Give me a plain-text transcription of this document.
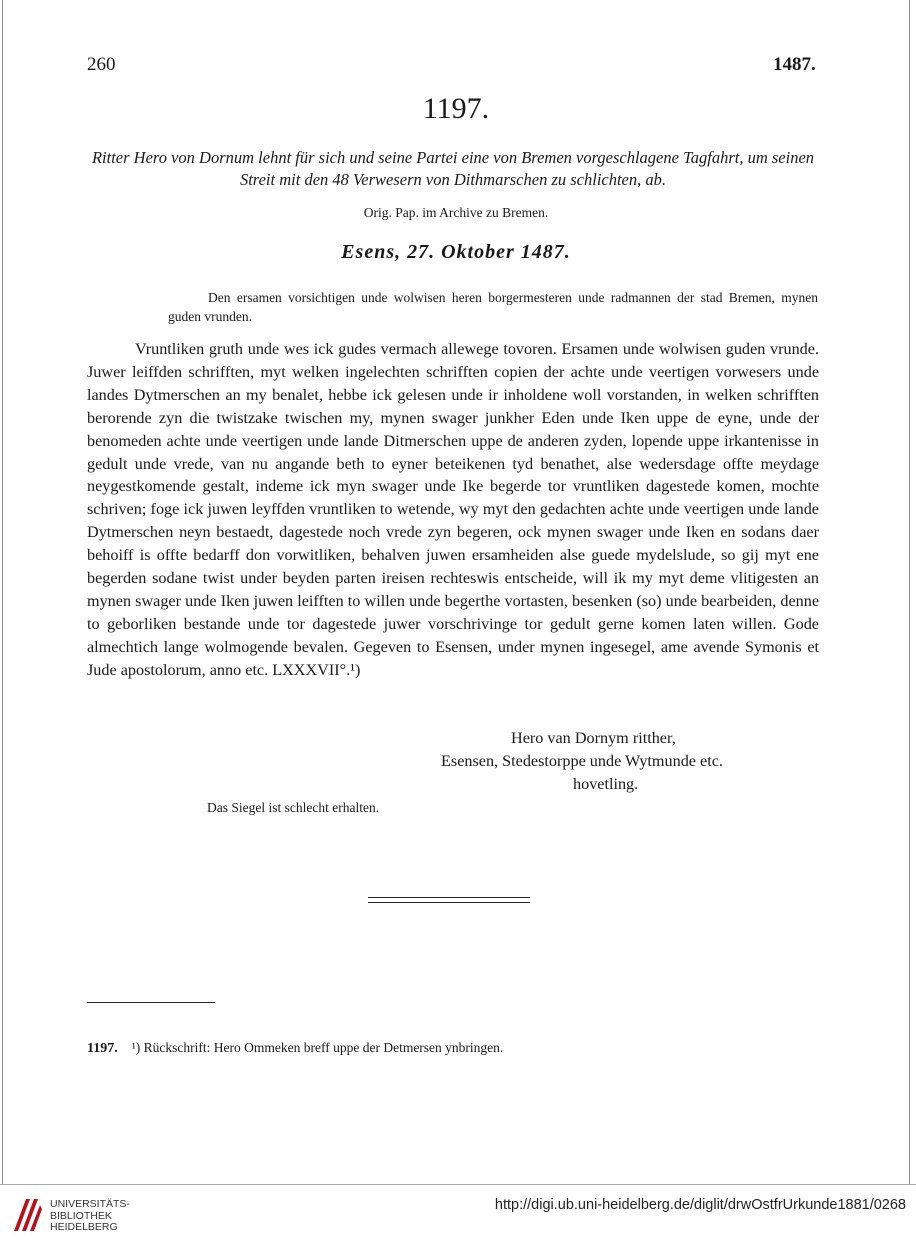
260	1487.
1197.
Ritter Hero von Dornum lehnt für sich und seine Partei eine von Bremen vorgeschlagene Tagfahrt, um seinen Streit mit den 48 Verwesern von Dithmarschen zu schlichten, ab.
Orig. Pap. im Archive zu Bremen.
Esens, 27. Oktober 1487.
Den ersamen vorsichtigen unde wolwisen heren borgermesteren unde radmannen der stad Bremen, mynen guden vrunden.
Vruntliken gruth unde wes ick gudes vermach allewege tovoren. Ersamen unde wolwisen guden vrunde. Juwer leiffden schrifften, myt welken ingelechten schrifften copien der achte unde veertigen vorwesers unde landes Dytmerschen an my benalet, hebbe ick gelesen unde ir inholdene woll vorstanden, in welken schrifften berorende zyn die twistzake twischen my, mynen swager junkher Eden unde Iken uppe de eyne, unde der benomeden achte unde veertigen unde lande Ditmerschen uppe de anderen zyden, lopende uppe irkantenisse in gedult unde vrede, van nu angande beth to eyner beteikenen tyd benathet, alse wedersdage offte meydage neygestkomende gestalt, indeme ick myn swager unde Ike begerde tor vruntliken dagestede komen, mochte schriven; foge ick juwen leyffden vruntliken to wetende, wy myt den gedachten achte unde veertigen unde lande Dytmerschen neyn bestaedt, dagestede noch vrede zyn begeren, ock mynen swager unde Iken en sodans daer behoiff is offte bedarff don vorwitliken, behalven juwen ersamheiden alse guede mydelslude, so gij myt ene begerden sodane twist under beyden parten ireisen rechteswis entscheide, will ik my myt deme vlitigesten an mynen swager unde Iken juwen leifften to willen unde begerthe vortasten, besenken (so) unde bearbeiden, denne to geborliken bestande unde tor dagestede juwer vorschrivinge tor gedult gerne komen laten willen. Gode almechtich lange wolmogende bevalen. Gegeven to Esensen, under mynen ingesegel, ame avende Symonis et Jude apostolorum, anno etc. LXXXVII°.¹)
Hero van Dornym ritther,
Esensen, Stedestorppe unde Wytmunde etc.
hovetling.
Das Siegel ist schlecht erhalten.
1197. ¹) Rückschrift: Hero Ommeken breff uppe der Detmersen ynbringen.
UNIVERSITÄTS-
BIBLIOTHEK
HEIDELBERG
http://digi.ub.uni-heidelberg.de/diglit/drwOstfrUrkunde1881/0268
